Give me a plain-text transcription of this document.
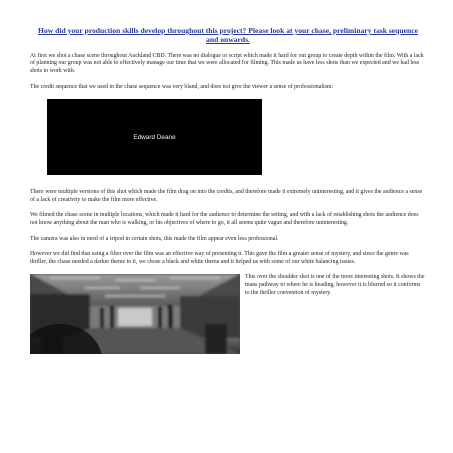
How did your production skills develop throughout this project? Please look at your chase, preliminary task sequence and onwards.

At first we shot a chase scene throughout Auckland CBD. There was no dialogue or script which made it hard for out group to create depth within the film. With a lack of planning our group was not able to effectively manage our time that we were allocated for filming. This made us have less shots than we expected and we had less shots to work with.

The credit sequence that we used in the chase sequence was very bland, and does not give the viewer a sense of professionalism:

Edward Deane

There were multiple versions of this shot which made the film drag on into the credits, and therefore made it extremely uninteresting, and it gives the audience a sense of a lack of creativity to make the film more effective.

We filmed the chase scene in multiple locations, which made it hard for the audience to determine the setting, and with a lack of establishing shots the audience does not know anything about the man who is walking, or his objectives of where to go, it all seems quite vague and therefore uninteresting.

The camera was also in need of a tripod in certain shots, this made the film appear even less professional.

However we did find that using a filter over the film was an effective way of presenting it. This gave the film a greater sense of mystery, and since the genre was thriller, the chase needed a darker theme to it, we chose a black and white theme and it helped us with some of our white balancing issues.

This over the shoulder shot is one of the more interesting shots. It shows the mans pathway to where he is heading, however it is blurred so it conforms to the thriller convention of mystery.
